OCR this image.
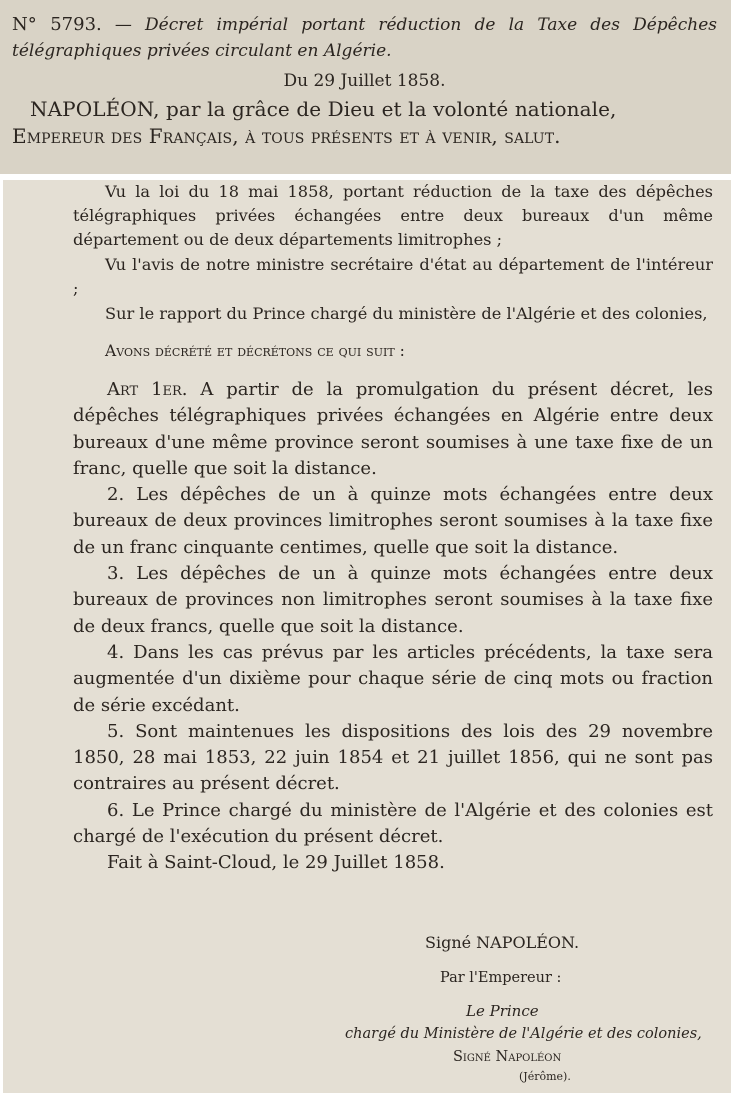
N° 5793. — Décret impérial portant réduction de la Taxe des Dépêches télégraphiques privées circulant en Algérie.

Du 29 Juillet 1858.

NAPOLÉON, par la grâce de Dieu et la volonté nationale,
Empereur des Français, à tous présents et à venir, salut.

Vu la loi du 18 mai 1858, portant réduction de la taxe des dépêches télégraphiques privées échangées entre deux bureaux d'un même département ou de deux départements limitrophes ;

Vu l'avis de notre ministre secrétaire d'état au département de l'intéreur ;

Sur le rapport du Prince chargé du ministère de l'Algérie et des colonies,

Avons décrété et décrétons ce qui suit :

Art 1er. A partir de la promulgation du présent décret, les dépêches télégraphiques privées échangées en Algérie entre deux bureaux d'une même province seront soumises à une taxe fixe de un franc, quelle que soit la distance.

2. Les dépêches de un à quinze mots échangées entre deux bureaux de deux provinces limitrophes seront soumises à la taxe fixe de un franc cinquante centimes, quelle que soit la distance.

3. Les dépêches de un à quinze mots échangées entre deux bureaux de provinces non limitrophes seront soumises à la taxe fixe de deux francs, quelle que soit la distance.

4. Dans les cas prévus par les articles précédents, la taxe sera augmentée d'un dixième pour chaque série de cinq mots ou fraction de série excédant.

5. Sont maintenues les dispositions des lois des 29 novembre 1850, 28 mai 1853, 22 juin 1854 et 21 juillet 1856, qui ne sont pas contraires au présent décret.

6. Le Prince chargé du ministère de l'Algérie et des colonies est chargé de l'exécution du présent décret.

Fait à Saint-Cloud, le 29 Juillet 1858.

Signé NAPOLÉON.
Par l'Empereur :
Le Prince
chargé du Ministère de l'Algérie et des colonies,
Signé Napoléon
(Jérôme).
